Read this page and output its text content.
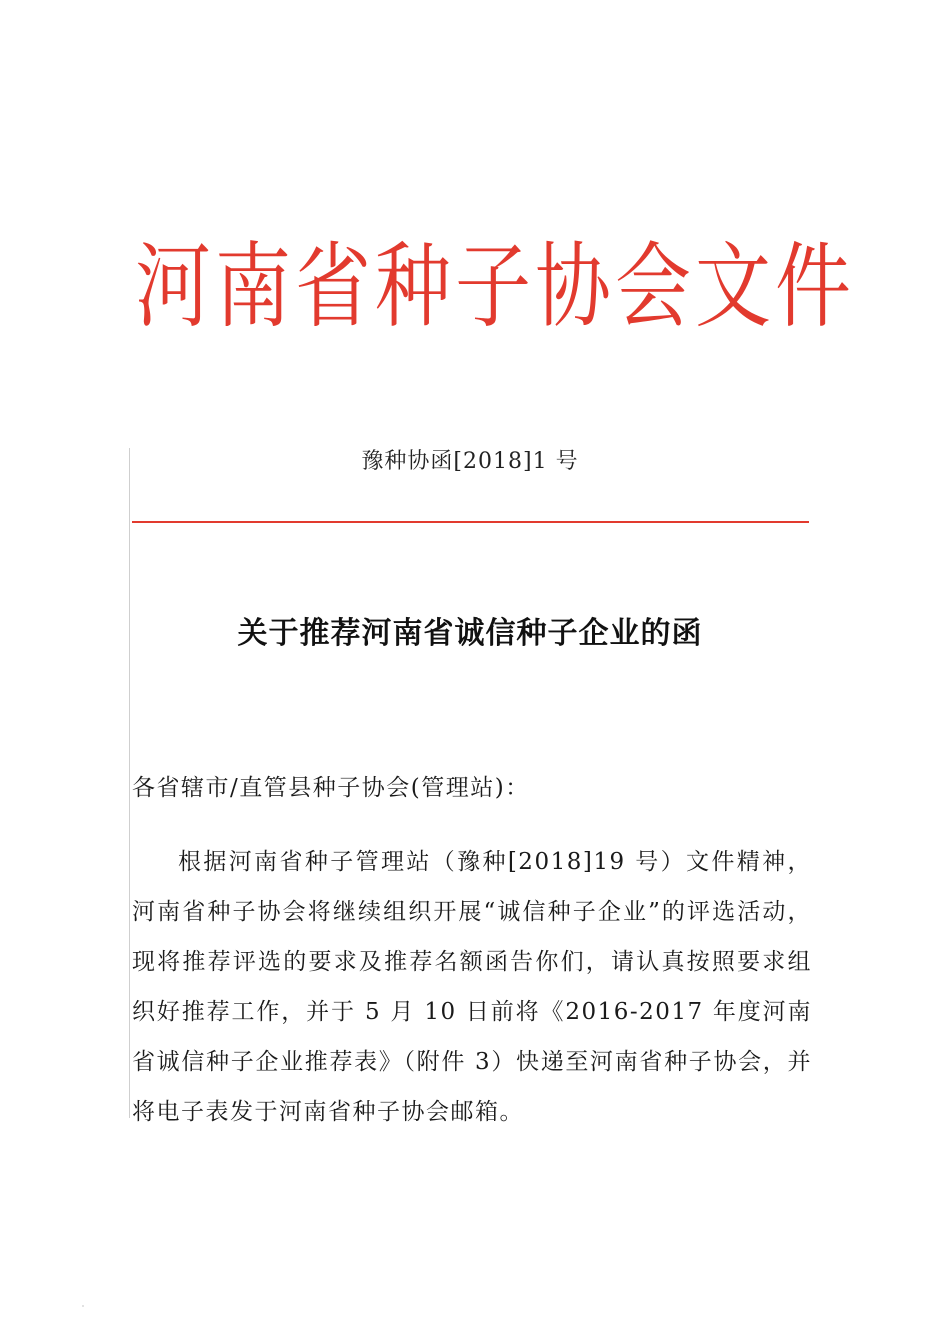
河南省种子协会文件
豫种协函[2018]1 号
关于推荐河南省诚信种子企业的函
各省辖市/直管县种子协会(管理站)：

根据河南省种子管理站（豫种[2018]19 号）文件精神，河南省种子协会将继续组织开展“诚信种子企业”的评选活动，现将推荐评选的要求及推荐名额函告你们，请认真按照要求组织好推荐工作，并于 5 月 10 日前将《2016-2017 年度河南省诚信种子企业推荐表》（附件 3）快递至河南省种子协会，并将电子表发于河南省种子协会邮箱。
